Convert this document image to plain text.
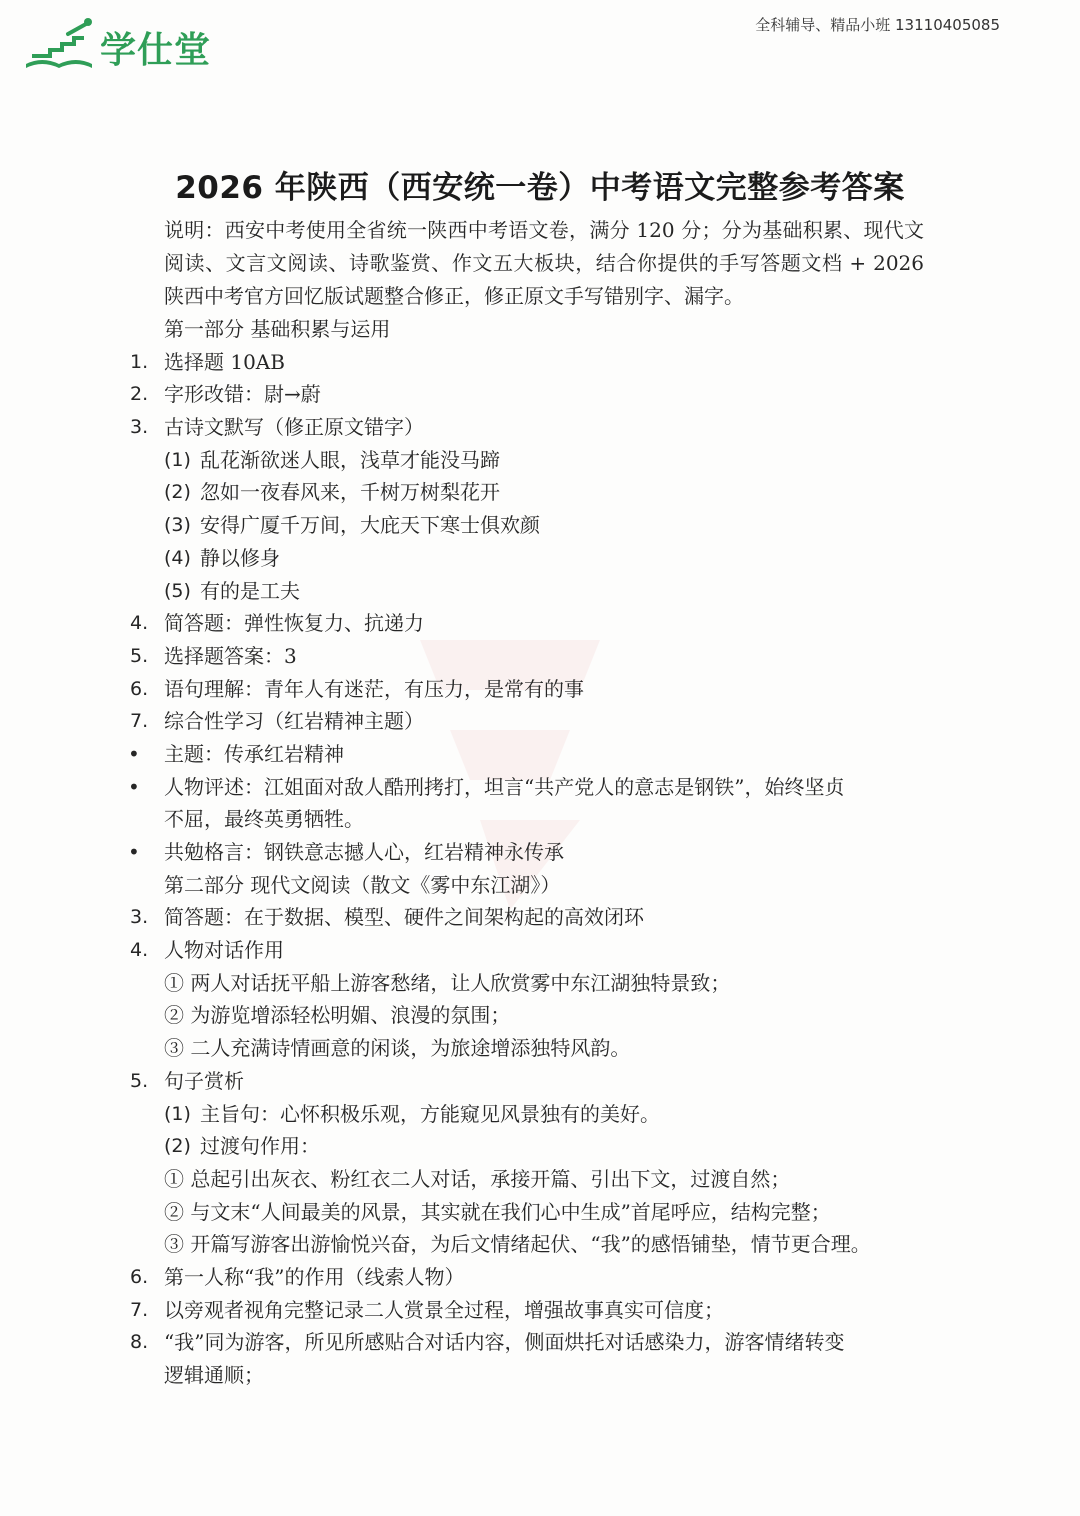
学仕堂
全科辅导、精品小班 13110405085
2026 年陕西（西安统一卷）中考语文完整参考答案
说明：西安中考使用全省统一陕西中考语文卷，满分 120 分；分为基础积累、现代文阅读、文言文阅读、诗歌鉴赏、作文五大板块，结合你提供的手写答题文档 + 2026 陕西中考官方回忆版试题整合修正，修正原文手写错别字、漏字。
第一部分 基础积累与运用
1. 选择题 10AB
2. 字形改错：尉→蔚
3. 古诗文默写（修正原文错字）
(1) 乱花渐欲迷人眼，浅草才能没马蹄
(2) 忽如一夜春风来，千树万树梨花开
(3) 安得广厦千万间，大庇天下寒士俱欢颜
(4) 静以修身
(5) 有的是工夫
4. 简答题：弹性恢复力、抗递力
5. 选择题答案：3
6. 语句理解：青年人有迷茫，有压力，是常有的事
7. 综合性学习（红岩精神主题）
•	主题：传承红岩精神
•	人物评述：江姐面对敌人酷刑拷打，坦言“共产党人的意志是钢铁”，始终坚贞
不屈，最终英勇牺牲。
•	共勉格言：钢铁意志撼人心，红岩精神永传承
第二部分 现代文阅读（散文《雾中东江湖》）
3. 简答题：在于数据、模型、硬件之间架构起的高效闭环
4. 人物对话作用
① 两人对话抚平船上游客愁绪，让人欣赏雾中东江湖独特景致；
② 为游览增添轻松明媚、浪漫的氛围；
③ 二人充满诗情画意的闲谈，为旅途增添独特风韵。
5. 句子赏析
(1) 主旨句：心怀积极乐观，方能窥见风景独有的美好。
(2) 过渡句作用：
① 总起引出灰衣、粉红衣二人对话，承接开篇、引出下文，过渡自然；
② 与文末“人间最美的风景，其实就在我们心中生成”首尾呼应，结构完整；
③ 开篇写游客出游愉悦兴奋，为后文情绪起伏、“我”的感悟铺垫，情节更合理。
6. 第一人称“我”的作用（线索人物）
7. 以旁观者视角完整记录二人赏景全过程，增强故事真实可信度；
8. “我”同为游客，所见所感贴合对话内容，侧面烘托对话感染力，游客情绪转变
逻辑通顺；
